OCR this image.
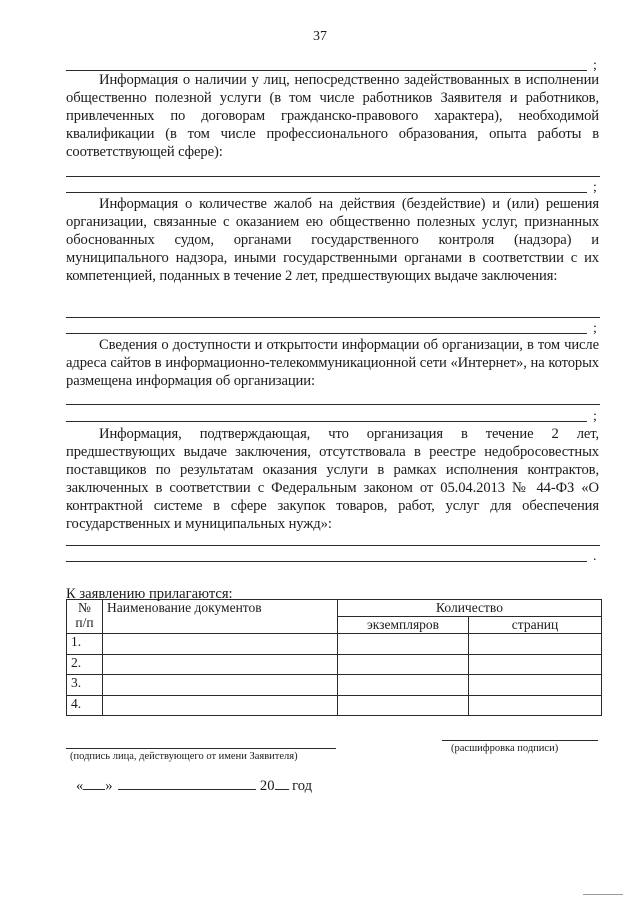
37
;

Информация о наличии у лиц, непосредственно задействованных в исполнении общественно полезной услуги (в том числе работников Заявителя и работников, привлеченных по договорам гражданско-правового характера), необходимой квалификации (в том числе профессионального образования, опыта работы в соответствующей сфере):

;

Информация о количестве жалоб на действия (бездействие) и (или) решения организации, связанные с оказанием ею общественно полезных услуг, признанных обоснованных судом, органами государственного контроля (надзора) и муниципального надзора, иными государственными органами в соответствии с их компетенцией, поданных в течение 2 лет, предшествующих выдаче заключения:

;

Сведения о доступности и открытости информации об организации, в том числе адреса сайтов в информационно-телекоммуникационной сети «Интернет», на которых размещена информация об организации:

;

Информация, подтверждающая, что организация в течение 2 лет, предшествующих выдаче заключения, отсутствовала в реестре недобросовестных поставщиков по результатам оказания услуги в рамках исполнения контрактов, заключенных в соответствии с Федеральным законом от 05.04.2013 № 44-ФЗ «О контрактной системе в сфере закупок товаров, работ, услуг для обеспечения государственных и муниципальных нужд»:

.
К заявлению прилагаются:
№
п/п	Наименование документов	Количество	
		экземпляров	страниц
1.			
2.			
3.			
4.			
(подпись лица, действующего от имени Заявителя)
(расшифровка подписи)
« »	20 год
